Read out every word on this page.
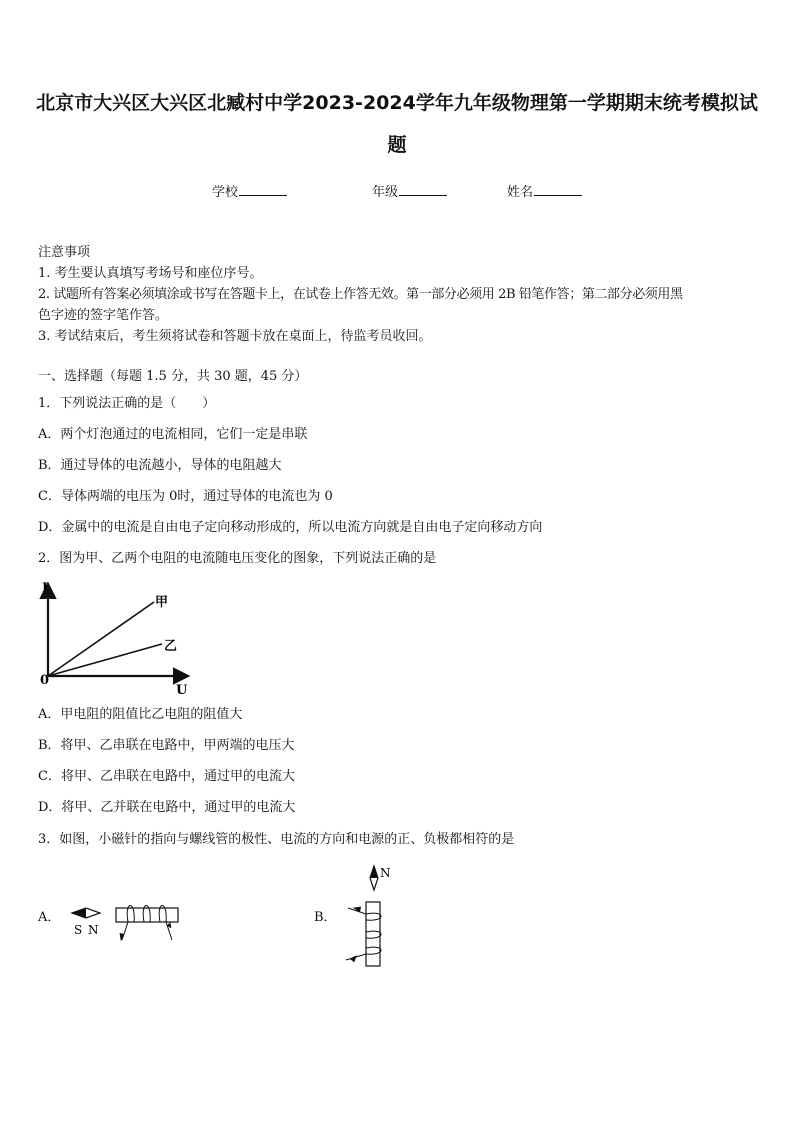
北京市大兴区大兴区北臧村中学2023-2024学年九年级物理第一学期期末统考模拟试
题
学校	年级	姓名
注意事项
1. 考生要认真填写考场号和座位序号。
2. 试题所有答案必须填涂或书写在答题卡上，在试卷上作答无效。第一部分必须用 2B 铅笔作答；第二部分必须用黑
色字迹的签字笔作答。
3. 考试结束后，考生须将试卷和答题卡放在桌面上，待监考员收回。
一、选择题（每题 1.5 分，共 30 题，45 分）
1．下列说法正确的是（　　）
A．两个灯泡通过的电流相同，它们一定是串联
B．通过导体的电流越小，导体的电阻越大
C．导体两端的电压为 0时，通过导体的电流也为 0
D．金属中的电流是自由电子定向移动形成的，所以电流方向就是自由电子定向移动方向
2．图为甲、乙两个电阻的电流随电压变化的图象，下列说法正确的是
I
U
0
甲
乙
A．甲电阻的阻值比乙电阻的阻值大
B．将甲、乙串联在电路中，甲两端的电压大
C．将甲、乙串联在电路中，通过甲的电流大
D．将甲、乙并联在电路中，通过甲的电流大
3．如图，小磁针的指向与螺线管的极性、电流的方向和电源的正、负极都相符的是
A．
S N
B．
N
